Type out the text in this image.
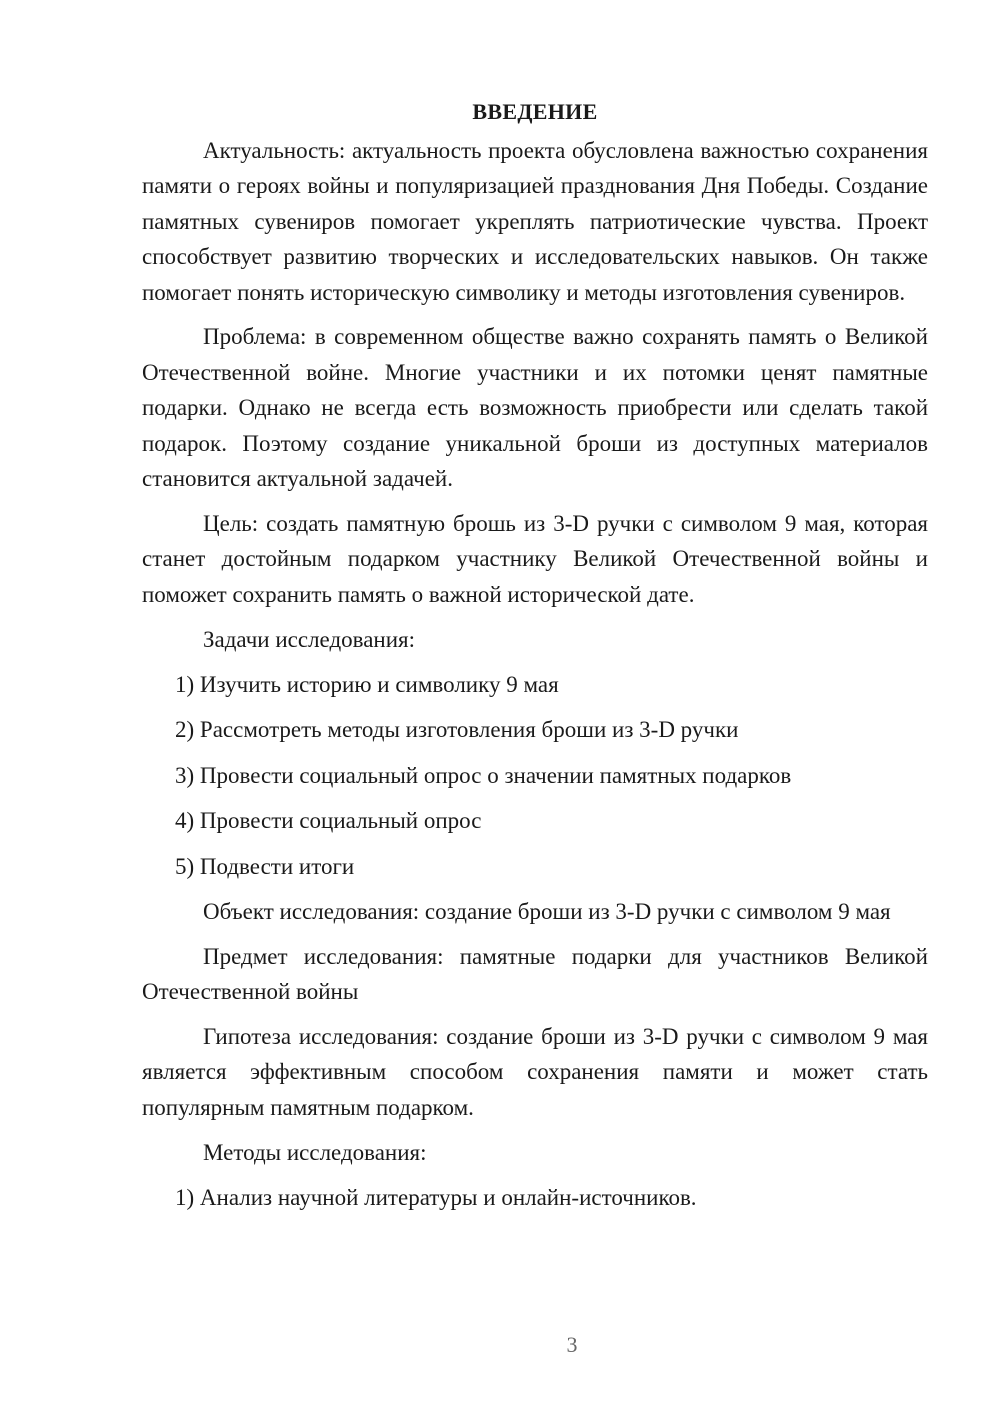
ВВЕДЕНИЕ

Актуальность: актуальность проекта обусловлена важностью сохранения памяти о героях войны и популяризацией празднования Дня Победы. Создание памятных сувениров помогает укреплять патриотические чувства. Проект способствует развитию творческих и исследовательских навыков. Он также помогает понять историческую символику и методы изготовления сувениров.

Проблема: в современном обществе важно сохранять память о Великой Отечественной войне. Многие участники и их потомки ценят памятные подарки. Однако не всегда есть возможность приобрести или сделать такой подарок. Поэтому создание уникальной броши из доступных материалов становится актуальной задачей.

Цель: создать памятную брошь из 3-D ручки с символом 9 мая, которая станет достойным подарком участнику Великой Отечественной войны и поможет сохранить память о важной исторической дате.

Задачи исследования:
1) Изучить историю и символику 9 мая
2) Рассмотреть методы изготовления броши из 3-D ручки
3) Провести социальный опрос о значении памятных подарков
4) Провести социальный опрос
5) Подвести итоги

Объект исследования: создание броши из 3-D ручки с символом 9 мая

Предмет исследования: памятные подарки для участников Великой Отечественной войны

Гипотеза исследования: создание броши из 3-D ручки с символом 9 мая является эффективным способом сохранения памяти и может стать популярным памятным подарком.

Методы исследования:
1) Анализ научной литературы и онлайн-источников.
3
